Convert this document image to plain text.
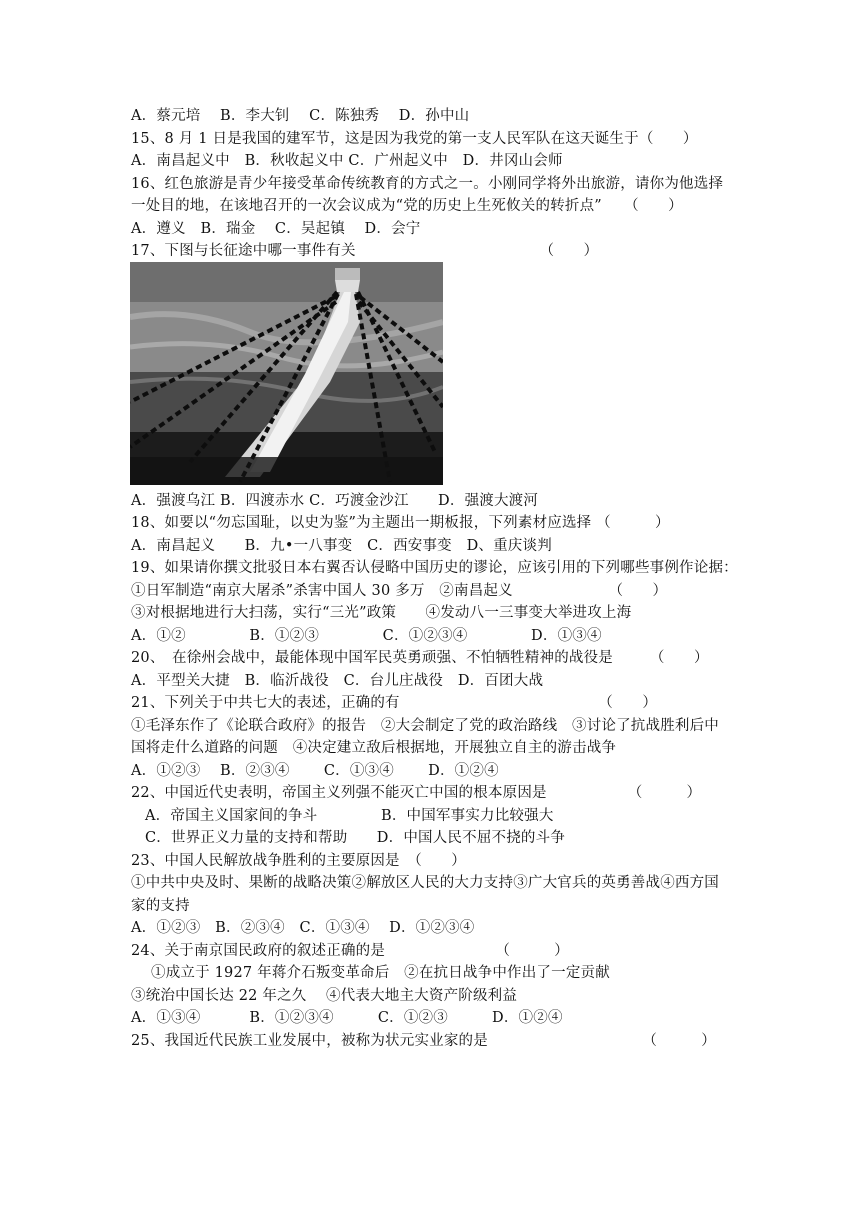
A．蔡元培　 B．李大钊　 C．陈独秀　 D．孙中山
15、8 月 1 日是我国的建军节，这是因为我党的第一支人民军队在这天诞生于（　　）
A．南昌起义中　B．秋收起义中 C．广州起义中　D．井冈山会师
16、红色旅游是青少年接受革命传统教育的方式之一。小刚同学将外出旅游，请你为他选择
一处目的地，在该地召开的一次会议成为“党的历史上生死攸关的转折点”　　（　　）
A．遵义　B．瑞金　 C．吴起镇　 D．会宁
17、下图与长征途中哪一事件有关　　　　　　　　　　　　　（　　）
A．强渡乌江 B．四渡赤水 C．巧渡金沙江　　D．强渡大渡河
18、如要以“勿忘国耻，以史为鉴”为主题出一期板报，下列素材应选择 （　　　）
A．南昌起义　　B．九•一八事变　C．西安事变　D、重庆谈判
19、如果请你撰文批驳日本右翼否认侵略中国历史的谬论，应该引用的下列哪些事例作论据：
①日军制造“南京大屠杀”杀害中国人 30 多万　②南昌起义　　　　　　　（　　）
③对根据地进行大扫荡，实行“三光”政策　　④发动八一三事变大举进攻上海
A．①②　　　　 B．①②③　　　　 C．①②③④　　　　 D．①③④
20、　在徐州会战中，最能体现中国军民英勇顽强、不怕牺牲精神的战役是　　　（　　）
A．平型关大捷　B．临沂战役　C．台儿庄战役　D．百团大战
21、下列关于中共七大的表述，正确的有　　　　　　　　　　　　　　（　　）
①毛泽东作了《论联合政府》的报告　②大会制定了党的政治路线　③讨论了抗战胜利后中
国将走什么道路的问题　④决定建立敌后根据地，开展独立自主的游击战争
A．①②③　 B．②③④　　 C．①③④　　 D．①②④
22、中国近代史表明，帝国主义列强不能灭亡中国的根本原因是　　　　　　（　　　）
A．帝国主义国家间的争斗　　　　 B．中国军事实力比较强大
C．世界正义力量的支持和帮助　　D．中国人民不屈不挠的斗争
23、中国人民解放战争胜利的主要原因是　（　　）
①中共中央及时、果断的战略决策②解放区人民的大力支持③广大官兵的英勇善战④西方国
家的支持
A．①②③　B．②③④　C．①③④　 D．①②③④
24、关于南京国民政府的叙述正确的是　　　　　　　　（　　　）
①成立于 1927 年蒋介石叛变革命后　②在抗日战争中作出了一定贡献
③统治中国长达 22 年之久　 ④代表大地主大资产阶级利益
A．①③④　　　 B．①②③④　　　C．①②③　　　D．①②④
25、我国近代民族工业发展中，被称为状元实业家的是　　　　　　　　　　　（　　　）
